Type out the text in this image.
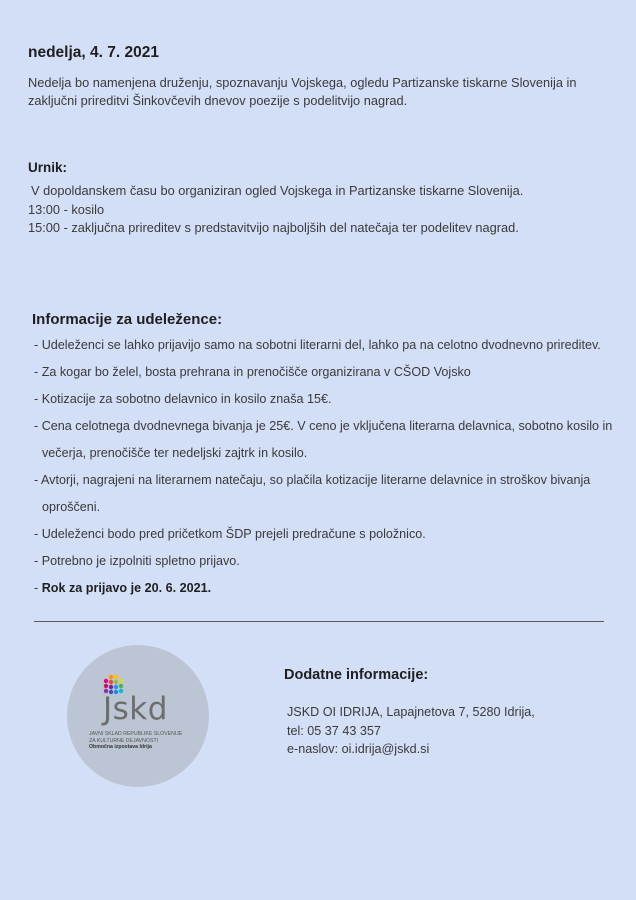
nedelja, 4. 7. 2021
Nedelja bo namenjena druženju, spoznavanju Vojskega, ogledu Partizanske tiskarne Slovenija in zaključni prireditvi Šinkovčevih dnevov poezije s podelitvijo nagrad.
Urnik:
V dopoldanskem času bo organiziran ogled Vojskega in Partizanske tiskarne Slovenija.
13:00 - kosilo
15:00 - zaključna prireditev s predstavitvijo najboljših del natečaja ter podelitev nagrad.
Informacije za udeležence:
- Udeleženci se lahko prijavijo samo na sobotni literarni del, lahko pa na celotno dvodnevno prireditev.
- Za kogar bo želel, bosta prehrana in prenočišče organizirana v CŠOD Vojsko
- Kotizacije za sobotno delavnico in kosilo znaša 15€.
- Cena celotnega dvodnevnega bivanja je 25€. V ceno je vključena literarna delavnica, sobotno kosilo in
večerja, prenočišče ter nedeljski zajtrk in kosilo.
- Avtorji, nagrajeni na literarnem natečaju, so plačila kotizacije literarne delavnice in stroškov bivanja
oproščeni.
- Udeleženci bodo pred pričetkom ŠDP prejeli predračune s položnico.
- Potrebno je izpolniti spletno prijavo.
- Rok za prijavo je 20. 6. 2021.
Jskd
JAVNI SKLAD REPUBLIKE SLOVENIJE
ZA KULTURNE DEJAVNOSTI
Območna izpostava Idrija
Dodatne informacije:
JSKD OI IDRIJA, Lapajnetova 7, 5280 Idrija,
tel: 05 37 43 357
e-naslov: oi.idrija@jskd.si
